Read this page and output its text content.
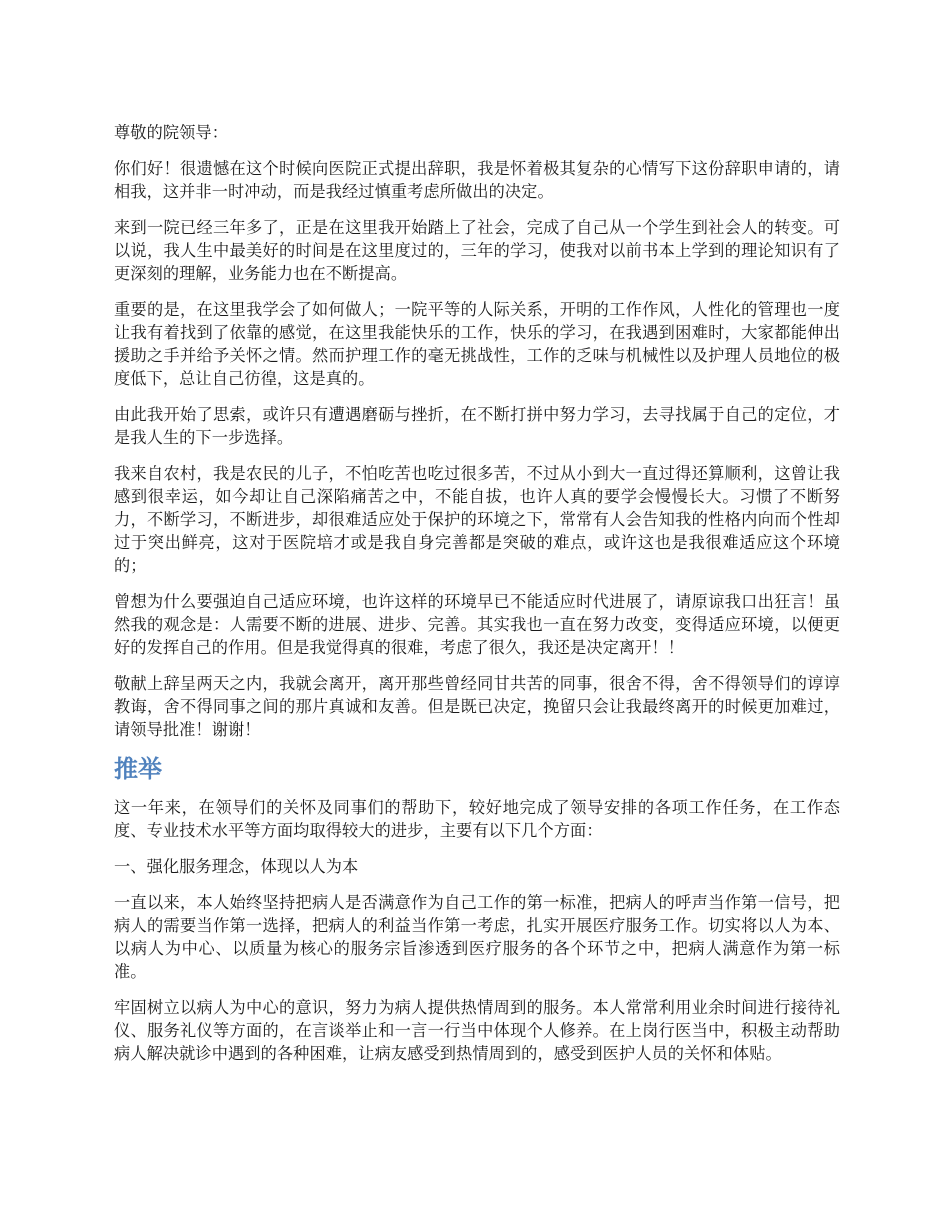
尊敬的院领导：

你们好！很遗憾在这个时候向医院正式提出辞职，我是怀着极其复杂的心情写下这份辞职申请的，请相我，这并非一时冲动，而是我经过慎重考虑所做出的决定。

来到一院已经三年多了，正是在这里我开始踏上了社会，完成了自己从一个学生到社会人的转变。可以说，我人生中最美好的时间是在这里度过的，三年的学习，使我对以前书本上学到的理论知识有了更深刻的理解，业务能力也在不断提高。

重要的是，在这里我学会了如何做人；一院平等的人际关系，开明的工作作风，人性化的管理也一度让我有着找到了依靠的感觉，在这里我能快乐的工作，快乐的学习，在我遇到困难时，大家都能伸出援助之手并给予关怀之情。然而护理工作的毫无挑战性，工作的乏味与机械性以及护理人员地位的极度低下，总让自己彷徨，这是真的。

由此我开始了思索，或许只有遭遇磨砺与挫折，在不断打拼中努力学习，去寻找属于自己的定位，才是我人生的下一步选择。

我来自农村，我是农民的儿子，不怕吃苦也吃过很多苦，不过从小到大一直过得还算顺利，这曾让我感到很幸运，如今却让自己深陷痛苦之中，不能自拔，也许人真的要学会慢慢长大。习惯了不断努力，不断学习，不断进步，却很难适应处于保护的环境之下，常常有人会告知我的性格内向而个性却过于突出鲜亮，这对于医院培才或是我自身完善都是突破的难点，或许这也是我很难适应这个环境的；

曾想为什么要强迫自己适应环境，也许这样的环境早已不能适应时代进展了，请原谅我口出狂言！虽然我的观念是：人需要不断的进展、进步、完善。其实我也一直在努力改变，变得适应环境，以便更好的发挥自己的作用。但是我觉得真的很难，考虑了很久，我还是决定离开！！

敬献上辞呈两天之内，我就会离开，离开那些曾经同甘共苦的同事，很舍不得，舍不得领导们的谆谆教诲，舍不得同事之间的那片真诚和友善。但是既已决定，挽留只会让我最终离开的时候更加难过，请领导批准！谢谢！

推举

这一年来，在领导们的关怀及同事们的帮助下，较好地完成了领导安排的各项工作任务，在工作态度、专业技术水平等方面均取得较大的进步，主要有以下几个方面：

一、强化服务理念，体现以人为本

一直以来，本人始终坚持把病人是否满意作为自己工作的第一标准，把病人的呼声当作第一信号，把病人的需要当作第一选择，把病人的利益当作第一考虑，扎实开展医疗服务工作。切实将以人为本、以病人为中心、以质量为核心的服务宗旨渗透到医疗服务的各个环节之中，把病人满意作为第一标准。

牢固树立以病人为中心的意识，努力为病人提供热情周到的服务。本人常常利用业余时间进行接待礼仪、服务礼仪等方面的，在言谈举止和一言一行当中体现个人修养。在上岗行医当中，积极主动帮助病人解决就诊中遇到的各种困难，让病友感受到热情周到的，感受到医护人员的关怀和体贴。
